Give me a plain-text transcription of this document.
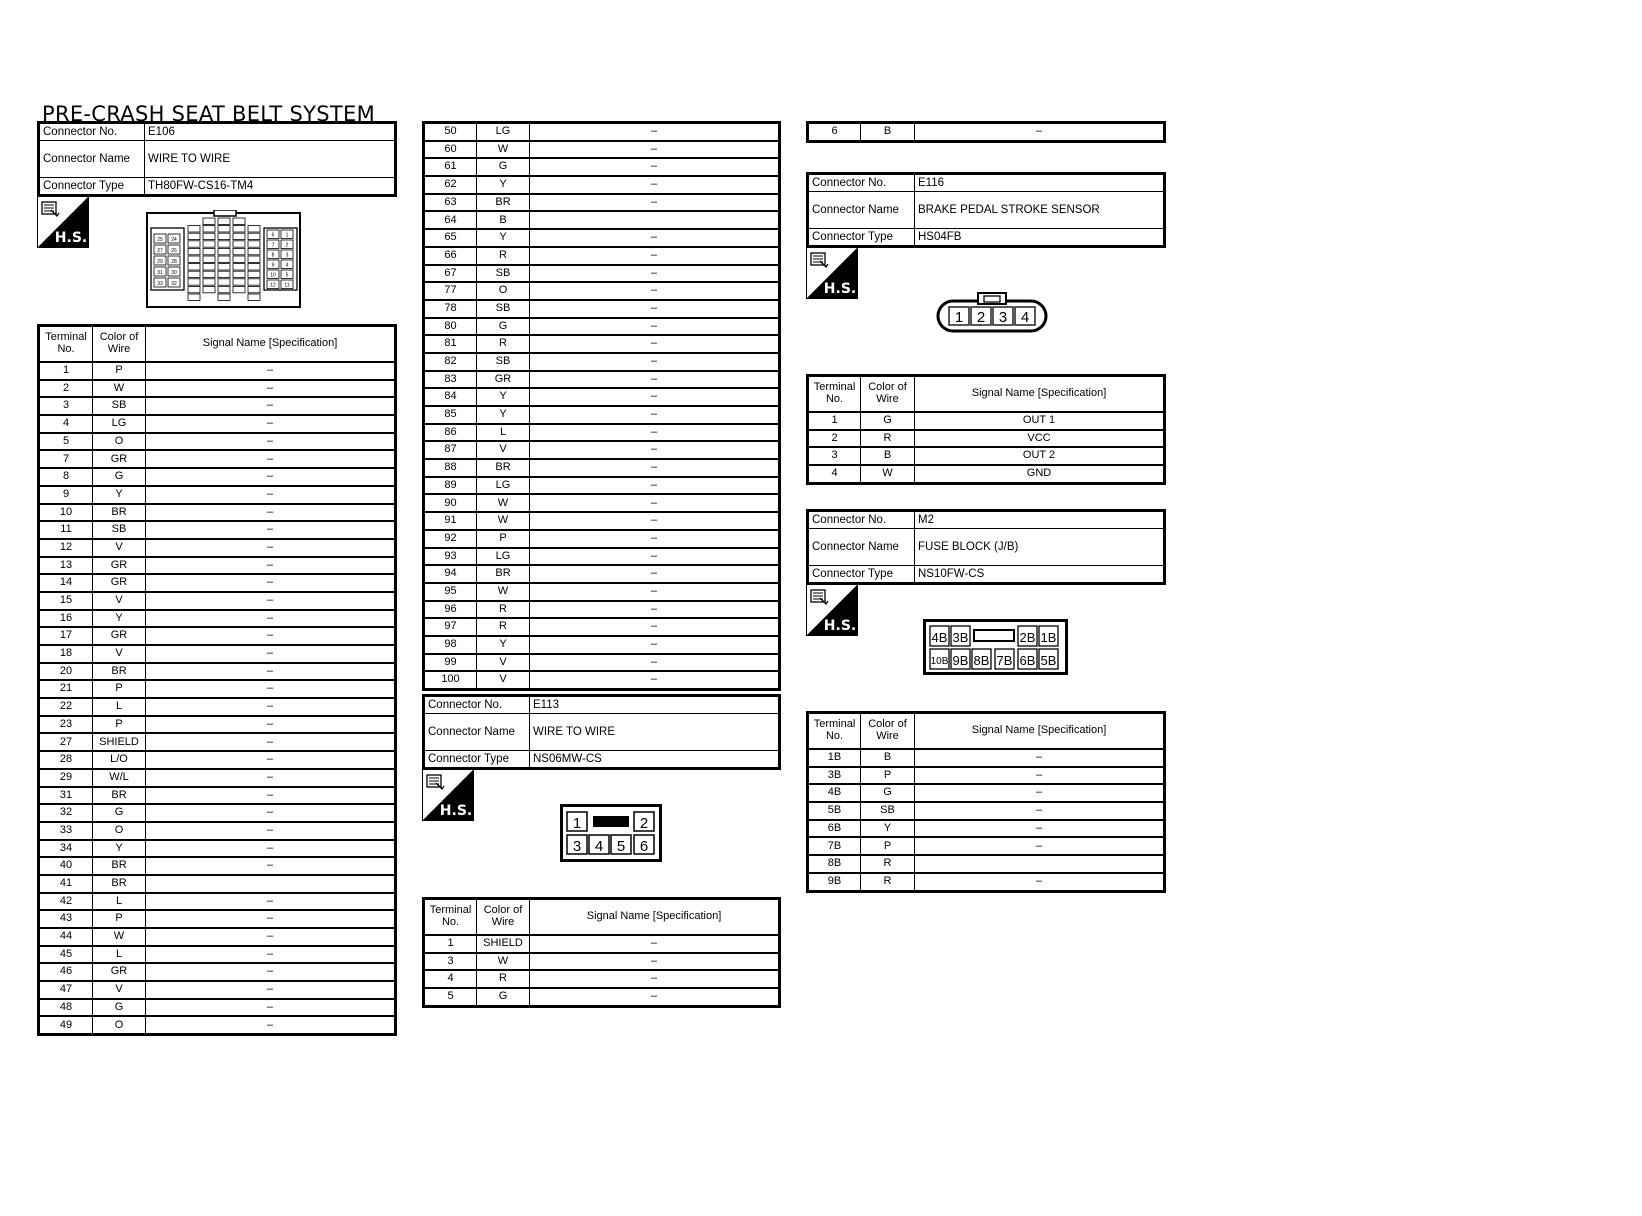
PRE-CRASH SEAT BELT SYSTEM
Connector No.	E106
Connector Name	WIRE TO WIRE
Connector Type	TH80FW-CS16-TM4
H.S.	25 24
27 26
29 28
31 30
33 32
6 1
7 2
8 3
9 4
10 5
12 11
Terminal No.	Color of Wire	Signal Name [Specification]
1	P	–
2	W	–
3	SB	–
4	LG	–
5	O	–
7	GR	–
8	G	–
9	Y	–
10	BR	–
11	SB	–
12	V	–
13	GR	–
14	GR	–
15	V	–
16	Y	–
17	GR	–
18	V	–
20	BR	–
21	P	–
22	L	–
23	P	–
27	SHIELD	–
28	L/O	–
29	W/L	–
31	BR	–
32	G	–
33	O	–
34	Y	–
40	BR	–
41	BR	
42	L	–
43	P	–
44	W	–
45	L	–
46	GR	–
47	V	–
48	G	–
49	O	–
50	LG	–
60	W	–
61	G	–
62	Y	–
63	BR	–
64	B	
65	Y	–
66	R	–
67	SB	–
77	O	–
78	SB	–
80	G	–
81	R	–
82	SB	–
83	GR	–
84	Y	–
85	Y	–
86	L	–
87	V	–
88	BR	–
89	LG	–
90	W	–
91	W	–
92	P	–
93	LG	–
94	BR	–
95	W	–
96	R	–
97	R	–
98	Y	–
99	V	–
100	V	–
Connector No.	E113
Connector Name	WIRE TO WIRE
Connector Type	NS06MW-CS
H.S.
1	2
3 4 5 6
Terminal No.	Color of Wire	Signal Name [Specification]
1	SHIELD	–
3	W	–
4	R	–
5	G	–
6	B	–
Connector No.	E116
Connector Name	BRAKE PEDAL STROKE SENSOR
Connector Type	HS04FB
H.S.
1 2 3 4
Terminal No.	Color of Wire	Signal Name [Specification]
1	G	OUT 1
2	R	VCC
3	B	OUT 2
4	W	GND
Connector No.	M2
Connector Name	FUSE BLOCK (J/B)
Connector Type	NS10FW-CS
H.S.
4B 3B	2B 1B
10B 9B 8B 7B 6B 5B
Terminal No.	Color of Wire	Signal Name [Specification]
1B	B	–
3B	P	–
4B	G	–
5B	SB	–
6B	Y	–
7B	P	–
8B	R	
9B	R	–
